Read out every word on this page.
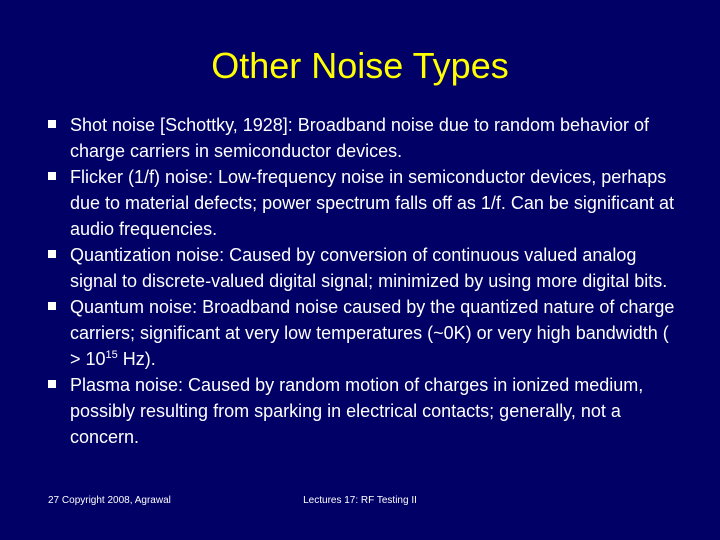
Other Noise Types
Shot noise [Schottky, 1928]: Broadband noise due to random behavior of charge carriers in semiconductor devices.
Flicker (1/f) noise: Low-frequency noise in semiconductor devices, perhaps due to material defects; power spectrum falls off as 1/f. Can be significant at audio frequencies.
Quantization noise: Caused by conversion of continuous valued analog signal to discrete-valued digital signal; minimized by using more digital bits.
Quantum noise: Broadband noise caused by the quantized nature of charge carriers; significant at very low temperatures (~0K) or very high bandwidth ( > $10^{15}$ Hz).
Plasma noise: Caused by random motion of charges in ionized medium, possibly resulting from sparking in electrical contacts; generally, not a concern.
27 Copyright 2008, Agrawal	Lectures 17: RF Testing II
